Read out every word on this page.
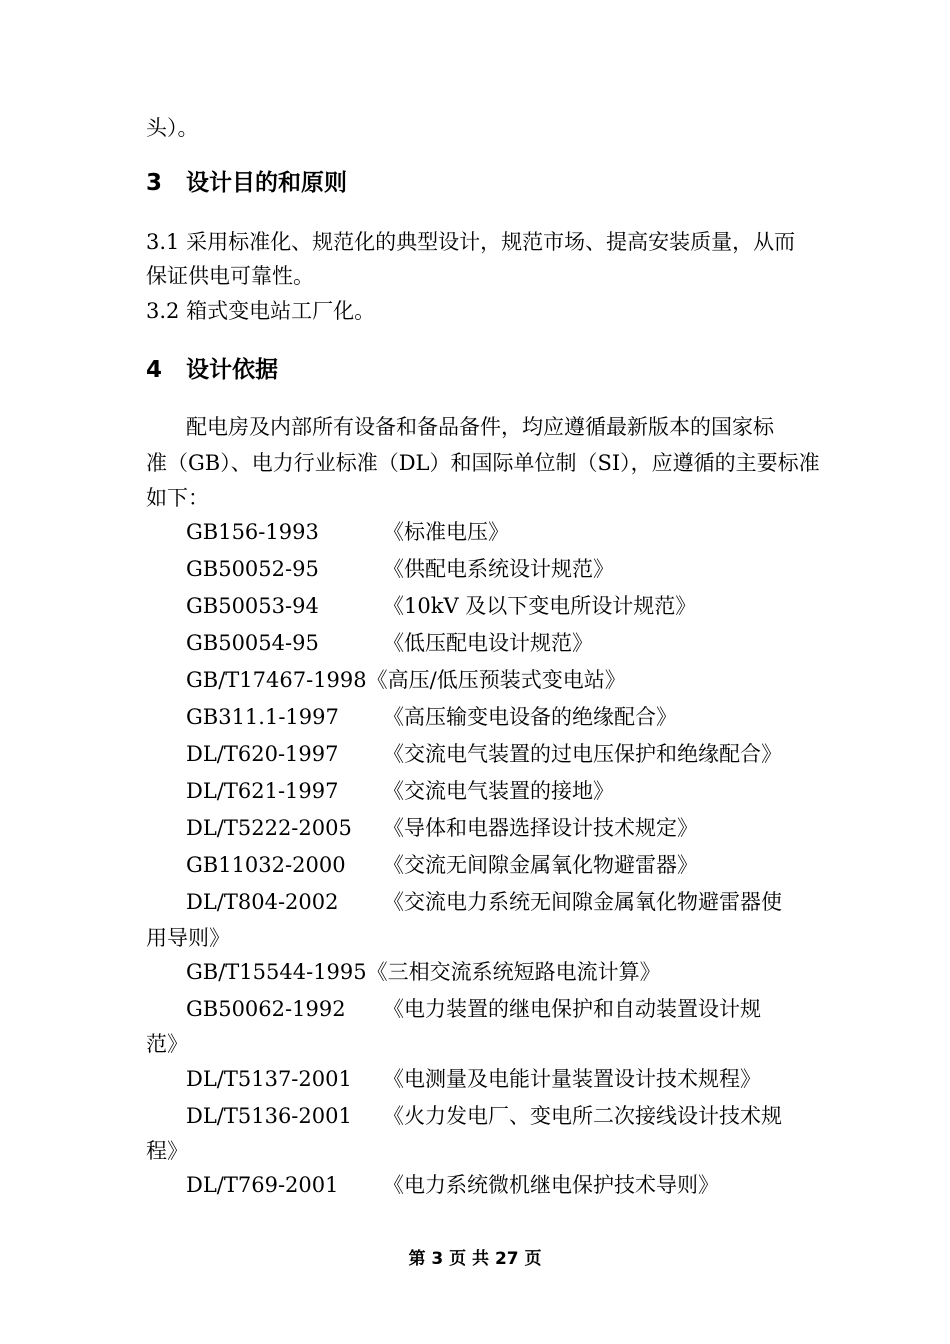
头）。
3 设计目的和原则
3.1 采用标准化、规范化的典型设计，规范市场、提高安装质量，从而
保证供电可靠性。
3.2 箱式变电站工厂化。
4 设计依据
配电房及内部所有设备和备品备件，均应遵循最新版本的国家标
准（GB）、电力行业标准（DL）和国际单位制（SI），应遵循的主要标准
如下：
GB156-1993	《标准电压》
GB50052-95	《供配电系统设计规范》
GB50053-94	《10kV 及以下变电所设计规范》
GB50054-95	《低压配电设计规范》
GB/T17467-1998《高压/低压预装式变电站》
GB311.1-1997 《高压输变电设备的绝缘配合》
DL/T620-1997 《交流电气装置的过电压保护和绝缘配合》
DL/T621-1997 《交流电气装置的接地》
DL/T5222-2005 《导体和电器选择设计技术规定》
GB11032-2000 《交流无间隙金属氧化物避雷器》
DL/T804-2002 《交流电力系统无间隙金属氧化物避雷器使
用导则》
GB/T15544-1995《三相交流系统短路电流计算》
GB50062-1992 《电力装置的继电保护和自动装置设计规
范》
DL/T5137-2001 《电测量及电能计量装置设计技术规程》
DL/T5136-2001 《火力发电厂、变电所二次接线设计技术规
程》
DL/T769-2001 《电力系统微机继电保护技术导则》
第 3 页 共 27 页
